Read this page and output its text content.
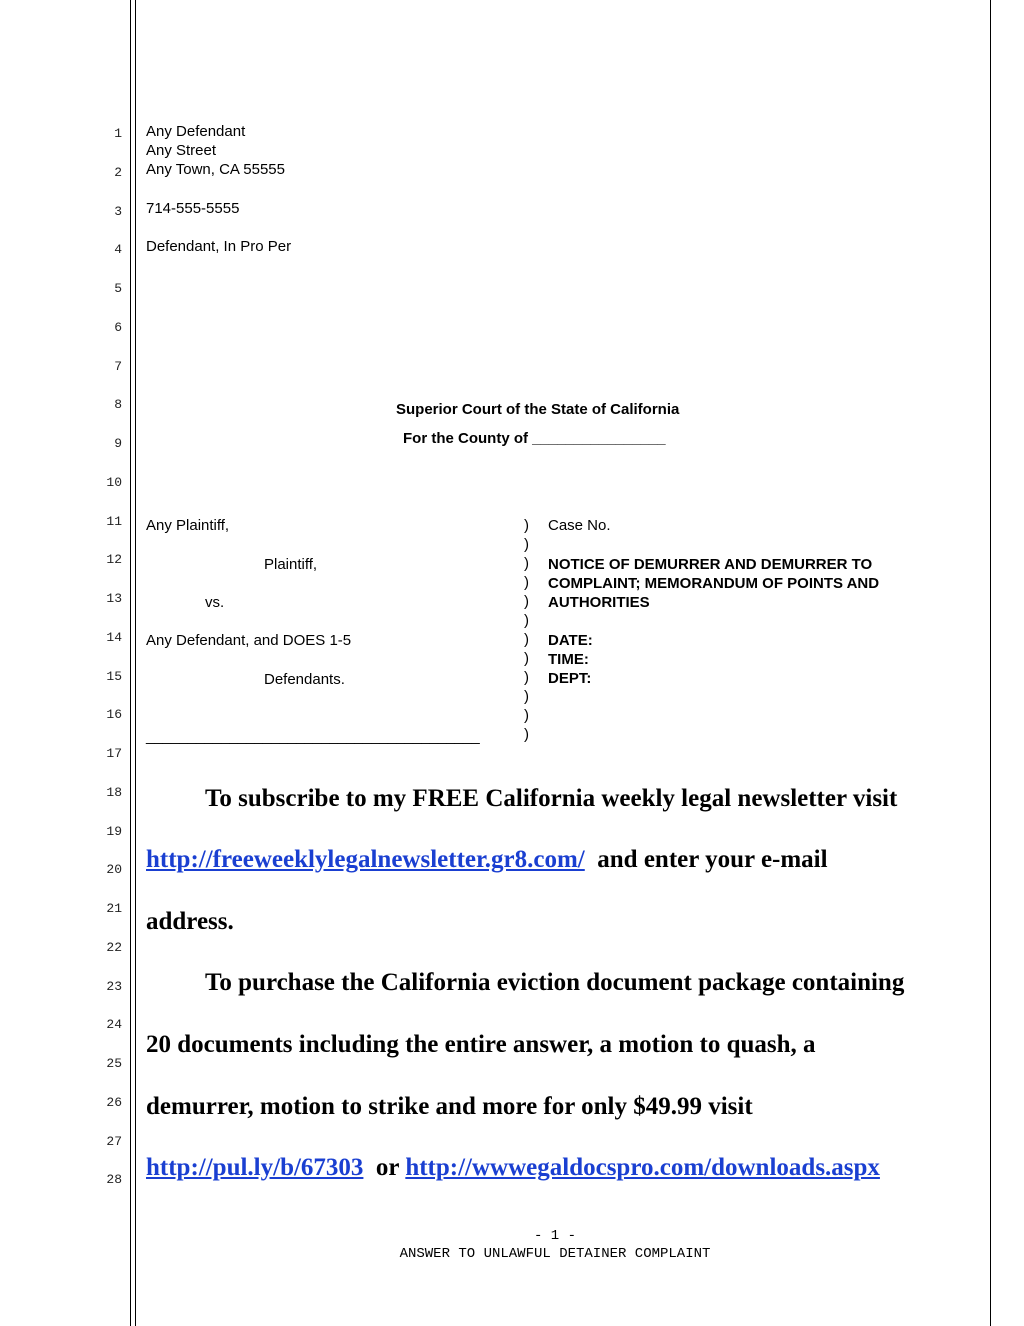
1
2
3
4
5
6
7
8
9
10
11
12
13
14
15
16
17
18
19
20
21
22
23
24
25
26
27
28
Any Defendant
Any Street
Any Town, CA 55555
714-555-5555
Defendant, In Pro Per
Superior Court of the State of California
For the County of ________________
Any Plaintiff,
Plaintiff,
vs.
Any Defendant, and DOES 1-5
Defendants.
________________________________________
)
)
)
)
)
)
)
)
)
)
)
)
Case No.
NOTICE OF DEMURRER AND DEMURRER TO
COMPLAINT; MEMORANDUM OF POINTS AND
AUTHORITIES
DATE:
TIME:
DEPT:
To subscribe to my FREE California weekly legal newsletter visit
http://freeweeklylegalnewsletter.gr8.com/ and enter your e-mail
address.
To purchase the California eviction document package containing
20 documents including the entire answer, a motion to quash, a
demurrer, motion to strike and more for only $49.99 visit
http://pul.ly/b/67303 or http://wwwegaldocspro.com/downloads.aspx
- 1 -
ANSWER TO UNLAWFUL DETAINER COMPLAINT
